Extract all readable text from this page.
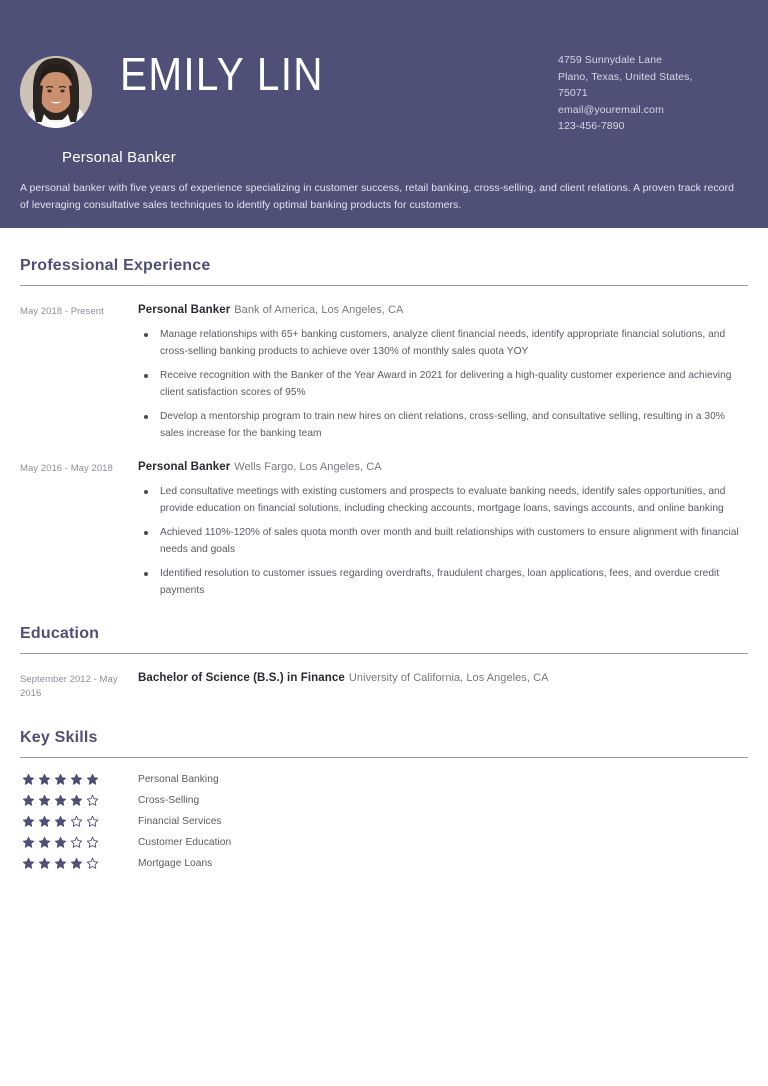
EMILY LIN
Personal Banker
4759 Sunnydale Lane
Plano, Texas, United States,
75071
email@youremail.com
123-456-7890
A personal banker with five years of experience specializing in customer success, retail banking, cross-selling, and client relations. A proven track record of leveraging consultative sales techniques to identify optimal banking products for customers.
Professional Experience
May 2018 - Present	Personal Banker Bank of America, Los Angeles, CA
Manage relationships with 65+ banking customers, analyze client financial needs, identify appropriate financial solutions, and cross-selling banking products to achieve over 130% of monthly sales quota YOY
Receive recognition with the Banker of the Year Award in 2021 for delivering a high-quality customer experience and achieving client satisfaction scores of 95%
Develop a mentorship program to train new hires on client relations, cross-selling, and consultative selling, resulting in a 30% sales increase for the banking team
May 2016 - May 2018	Personal Banker Wells Fargo, Los Angeles, CA
Led consultative meetings with existing customers and prospects to evaluate banking needs, identify sales opportunities, and provide education on financial solutions, including checking accounts, mortgage loans, savings accounts, and online banking
Achieved 110%-120% of sales quota month over month and built relationships with customers to ensure alignment with financial needs and goals
Identified resolution to customer issues regarding overdrafts, fraudulent charges, loan applications, fees, and overdue credit payments
Education
September 2012 - May 2016
Bachelor of Science (B.S.) in Finance University of California, Los Angeles, CA
Key Skills
Personal Banking
Cross-Selling
Financial Services
Customer Education
Mortgage Loans
